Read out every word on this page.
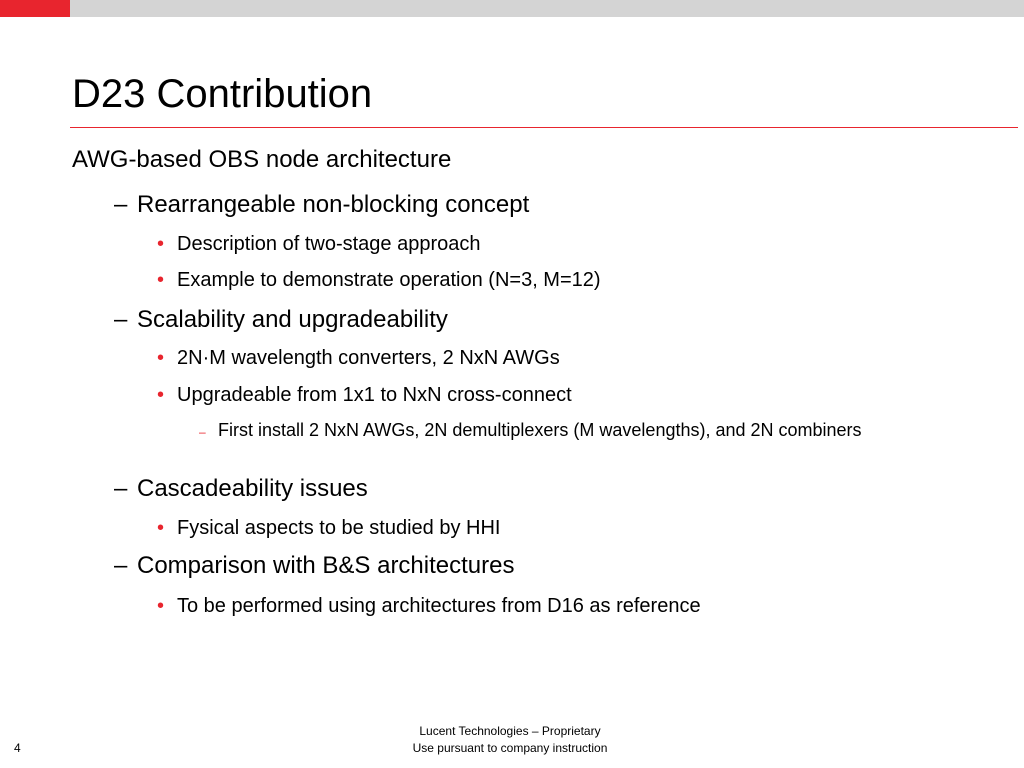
D23 Contribution
AWG-based OBS node architecture
– Rearrangeable non-blocking concept
• Description of two-stage approach
• Example to demonstrate operation (N=3, M=12)
– Scalability and upgradeability
• 2N·M wavelength converters, 2 NxN AWGs
• Upgradeable from 1x1 to NxN cross-connect
– First install 2 NxN AWGs, 2N demultiplexers (M wavelengths), and 2N combiners
– Cascadeability issues
• Fysical aspects to be studied by HHI
– Comparison with B&S architectures
• To be performed using architectures from D16 as reference
Lucent Technologies – Proprietary
Use pursuant to company instruction
4
